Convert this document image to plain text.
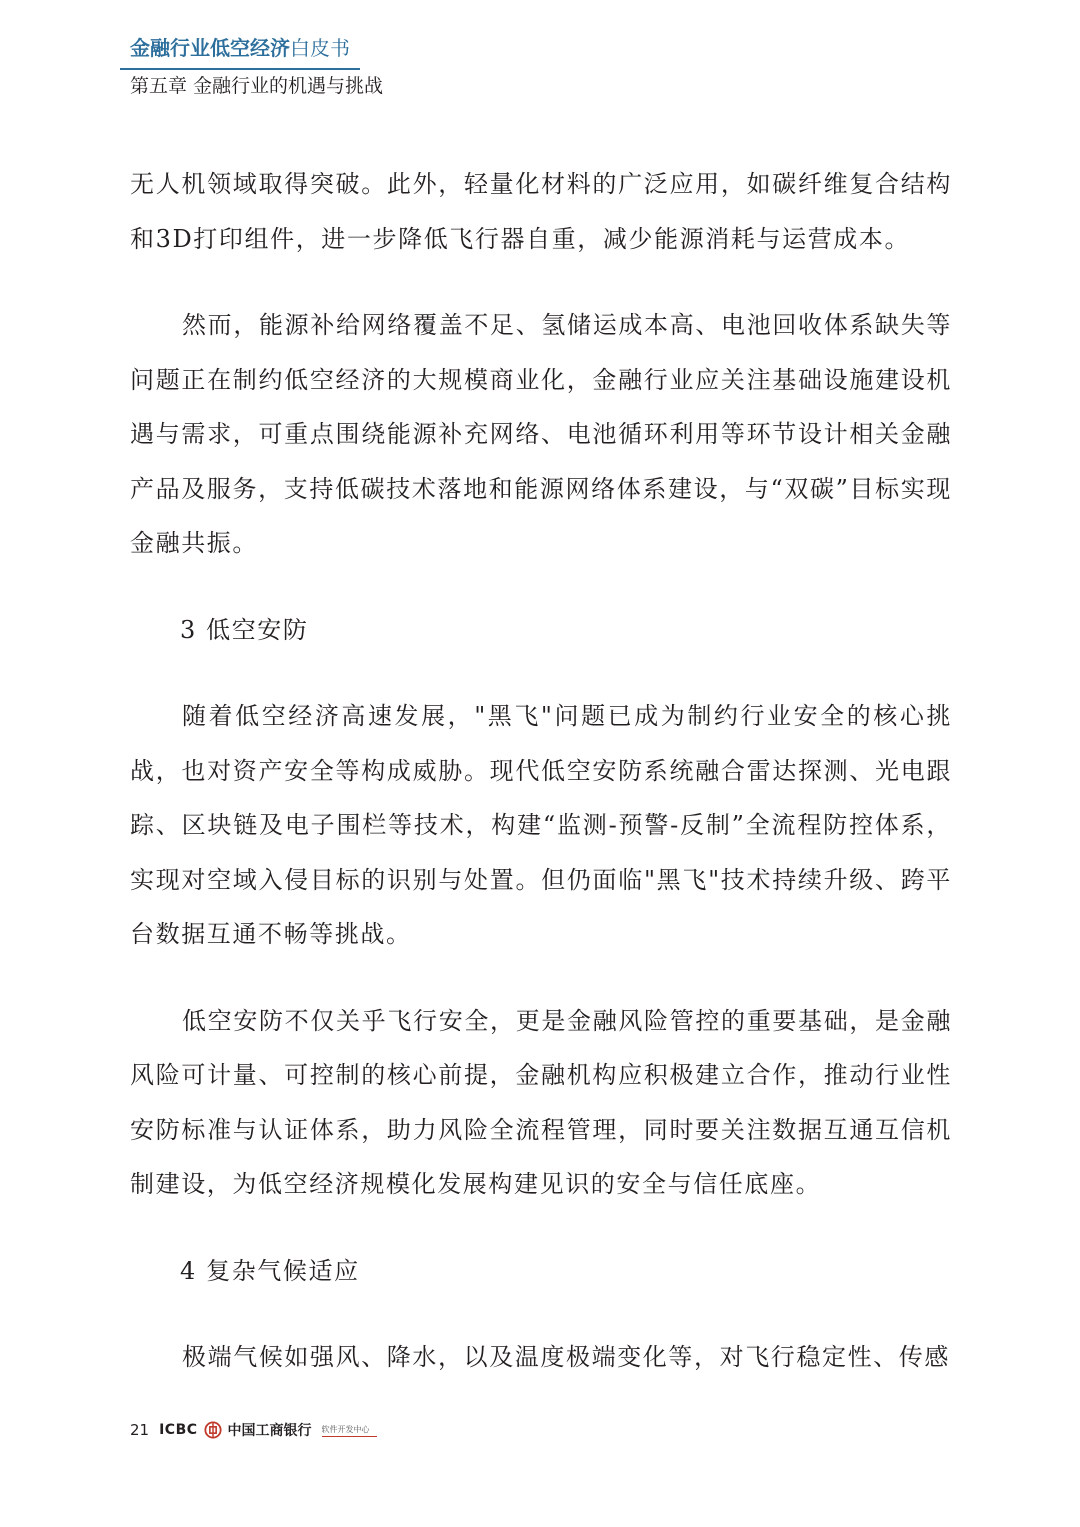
金融行业低空经济白皮书
第五章 金融行业的机遇与挑战

无人机领域取得突破。此外，轻量化材料的广泛应用，如碳纤维复合结构和3D打印组件，进一步降低飞行器自重，减少能源消耗与运营成本。

然而，能源补给网络覆盖不足、氢储运成本高、电池回收体系缺失等问题正在制约低空经济的大规模商业化，金融行业应关注基础设施建设机遇与需求，可重点围绕能源补充网络、电池循环利用等环节设计相关金融产品及服务，支持低碳技术落地和能源网络体系建设，与“双碳”目标实现金融共振。

3 低空安防

随着低空经济高速发展，"黑飞"问题已成为制约行业安全的核心挑战，也对资产安全等构成威胁。现代低空安防系统融合雷达探测、光电跟踪、区块链及电子围栏等技术，构建“监测-预警-反制”全流程防控体系，实现对空域入侵目标的识别与处置。但仍面临"黑飞"技术持续升级、跨平台数据互通不畅等挑战。

低空安防不仅关乎飞行安全，更是金融风险管控的重要基础，是金融风险可计量、可控制的核心前提，金融机构应积极建立合作，推动行业性安防标准与认证体系，助力风险全流程管理，同时要关注数据互通互信机制建设，为低空经济规模化发展构建见识的安全与信任底座。

4 复杂气候适应

极端气候如强风、降水，以及温度极端变化等，对飞行稳定性、传感

21 ICBC 中国工商银行 软件开发中心
